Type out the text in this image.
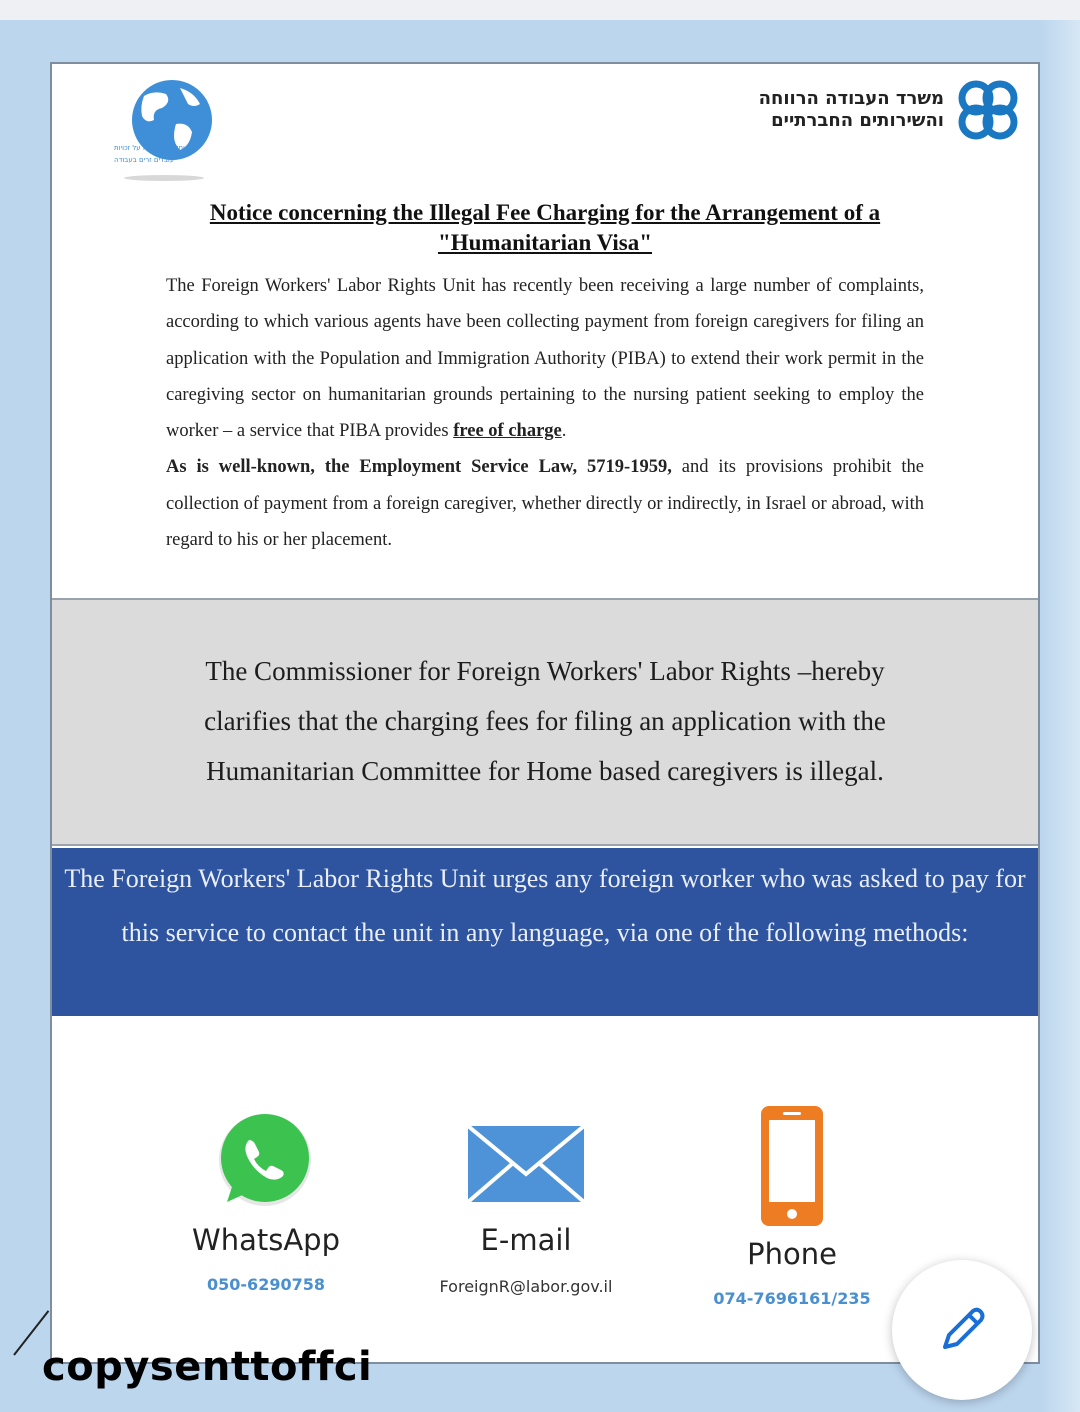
יחידת הממונה על זכויות
עובדים זרים בעבודה
משרד העבודה הרווחה
והשירותים החברתיים
Notice concerning the Illegal Fee Charging for the Arrangement of a
"Humanitarian Visa"

The Foreign Workers' Labor Rights Unit has recently been receiving a large number of complaints, according to which various agents have been collecting payment from foreign caregivers for filing an application with the Population and Immigration Authority (PIBA) to extend their work permit in the caregiving sector on humanitarian grounds pertaining to the nursing patient seeking to employ the worker – a service that PIBA provides free of charge.

As is well-known, the Employment Service Law, 5719-1959, and its provisions prohibit the collection of payment from a foreign caregiver, whether directly or indirectly, in Israel or abroad, with regard to his or her placement.

The Commissioner for Foreign Workers' Labor Rights –hereby clarifies that the charging fees for filing an application with the Humanitarian Committee for Home based caregivers is illegal.
The Foreign Workers' Labor Rights Unit urges any foreign worker who was asked to pay for this service to contact the unit in any language, via one of the following methods:
WhatsApp
050-6290758
E-mail
ForeignR@labor.gov.il
Phone
074-7696161/235
copysenttoffci
